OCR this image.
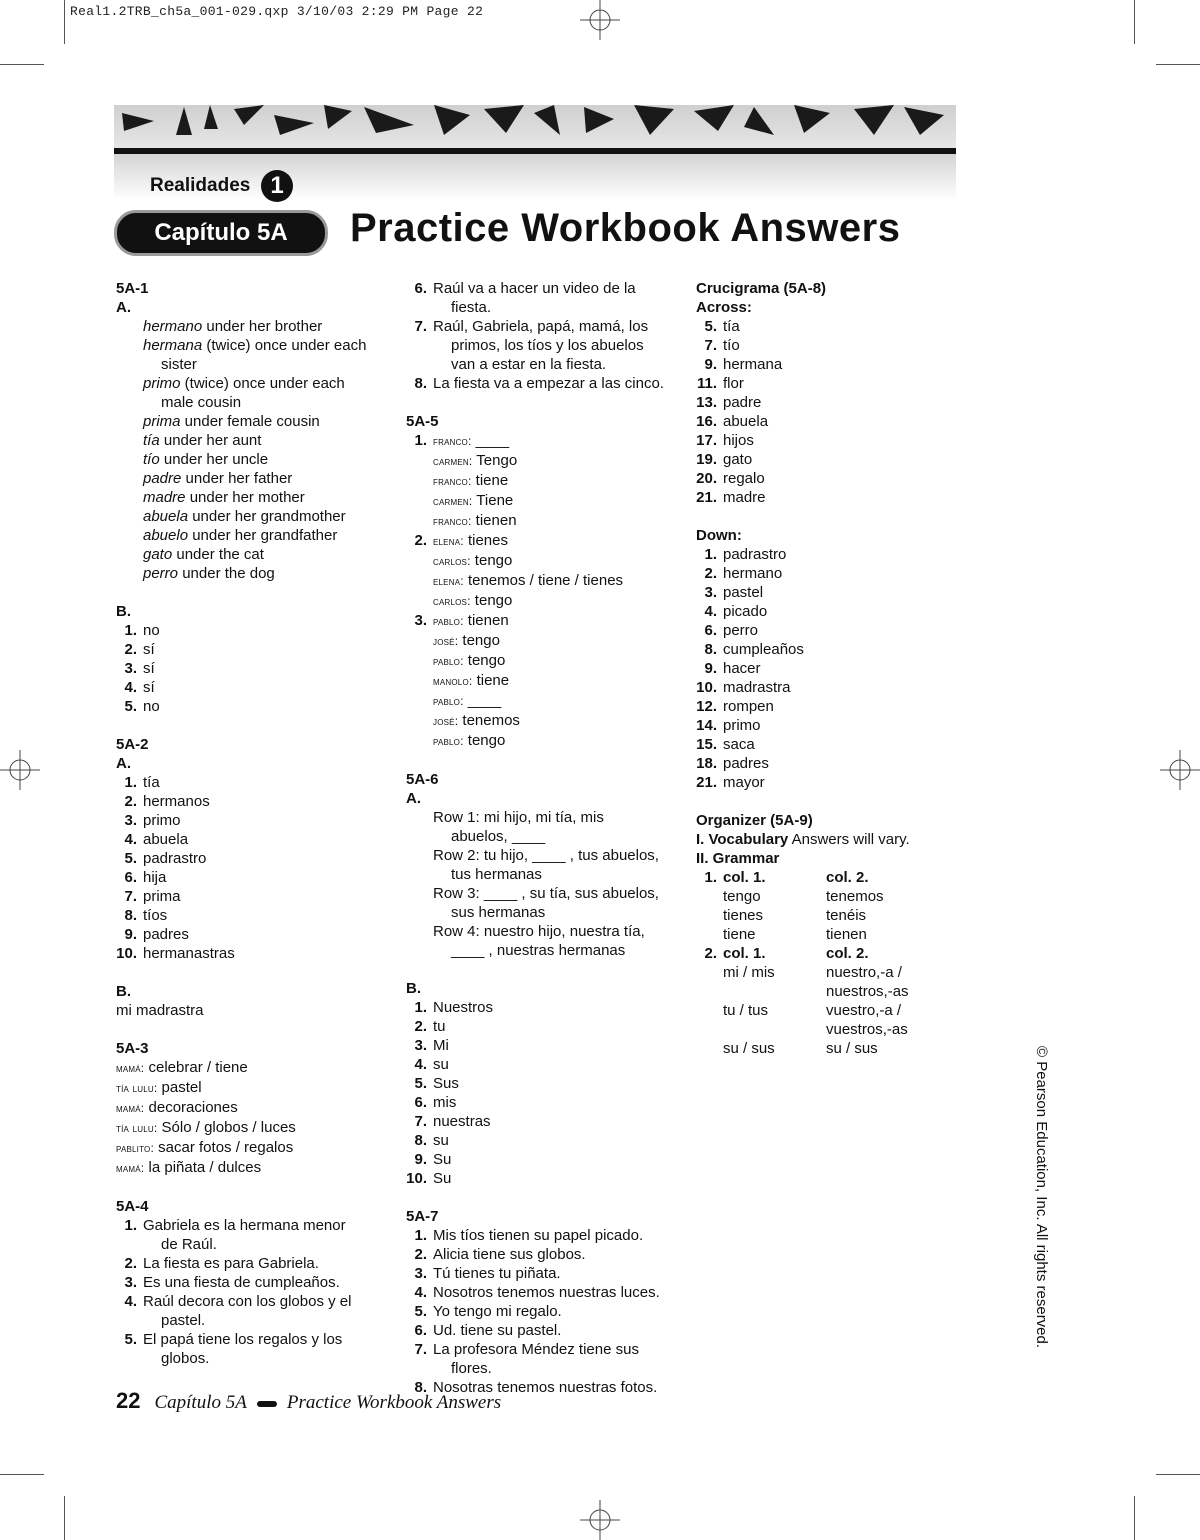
Real1.2TRB_ch5a_001-029.qxp 3/10/03 2:29 PM Page 22
Realidades 1
Capítulo 5A	Practice Workbook Answers
5A-1
A.
hermano under her brother
hermana (twice) once under each
sister
primo (twice) once under each
male cousin
prima under female cousin
tía under her aunt
tío under her uncle
padre under her father
madre under her mother
abuela under her grandmother
abuelo under her grandfather
gato under the cat
perro under the dog
B.
1. no
2. sí
3. sí
4. sí
5. no
5A-2
A.
1. tía
2. hermanos
3. primo
4. abuela
5. padrastro
6. hija
7. prima
8. tíos
9. padres
10. hermanastras
B.
mi madrastra
5A-3
mamá: celebrar / tiene
tía lulu: pastel
mamá: decoraciones
tía lulu: Sólo / globos / luces
pablito: sacar fotos / regalos
mamá: la piñata / dulces
5A-4
1. Gabriela es la hermana menor
de Raúl.
2. La fiesta es para Gabriela.
3. Es una fiesta de cumpleaños.
4. Raúl decora con los globos y el
pastel.
5. El papá tiene los regalos y los
globos.
6. Raúl va a hacer un video de la
fiesta.
7. Raúl, Gabriela, papá, mamá, los
primos, los tíos y los abuelos
van a estar en la fiesta.
8. La fiesta va a empezar a las cinco.
5A-5
1. franco: ____
carmen: Tengo
franco: tiene
carmen: Tiene
franco: tienen
2. elena: tienes
carlos: tengo
elena: tenemos / tiene / tienes
carlos: tengo
3. pablo: tienen
josé: tengo
pablo: tengo
manolo: tiene
pablo: ____
josé: tenemos
pablo: tengo
5A-6
A.
Row 1: mi hijo, mi tía, mis
abuelos, ____
Row 2: tu hijo, ____ , tus abuelos,
tus hermanas
Row 3: ____ , su tía, sus abuelos,
sus hermanas
Row 4: nuestro hijo, nuestra tía,
____ , nuestras hermanas
B.
1. Nuestros
2. tu
3. Mi
4. su
5. Sus
6. mis
7. nuestras
8. su
9. Su
10. Su
5A-7
1. Mis tíos tienen su papel picado.
2. Alicia tiene sus globos.
3. Tú tienes tu piñata.
4. Nosotros tenemos nuestras luces.
5. Yo tengo mi regalo.
6. Ud. tiene su pastel.
7. La profesora Méndez tiene sus
flores.
8. Nosotras tenemos nuestras fotos.
Crucigrama (5A-8)
Across:
5. tía
7. tío
9. hermana
11. flor
13. padre
16. abuela
17. hijos
19. gato
20. regalo
21. madre
Down:
1. padrastro
2. hermano
3. pastel
4. picado
6. perro
8. cumpleaños
9. hacer
10. madrastra
12. rompen
14. primo
15. saca
18. padres
21. mayor
Organizer (5A-9)
I. Vocabulary Answers will vary.
II. Grammar
1. col. 1.	col. 2.
tengo	tenemos
tienes	tenéis
tiene	tienen
2. col. 1.	col. 2.
mi / mis	nuestro,-a /
nuestros,-as
tu / tus	vuestro,-a /
vuestros,-as
su / sus	su / sus
22 Capítulo 5A Practice Workbook Answers
© Pearson Education, Inc. All rights reserved.
